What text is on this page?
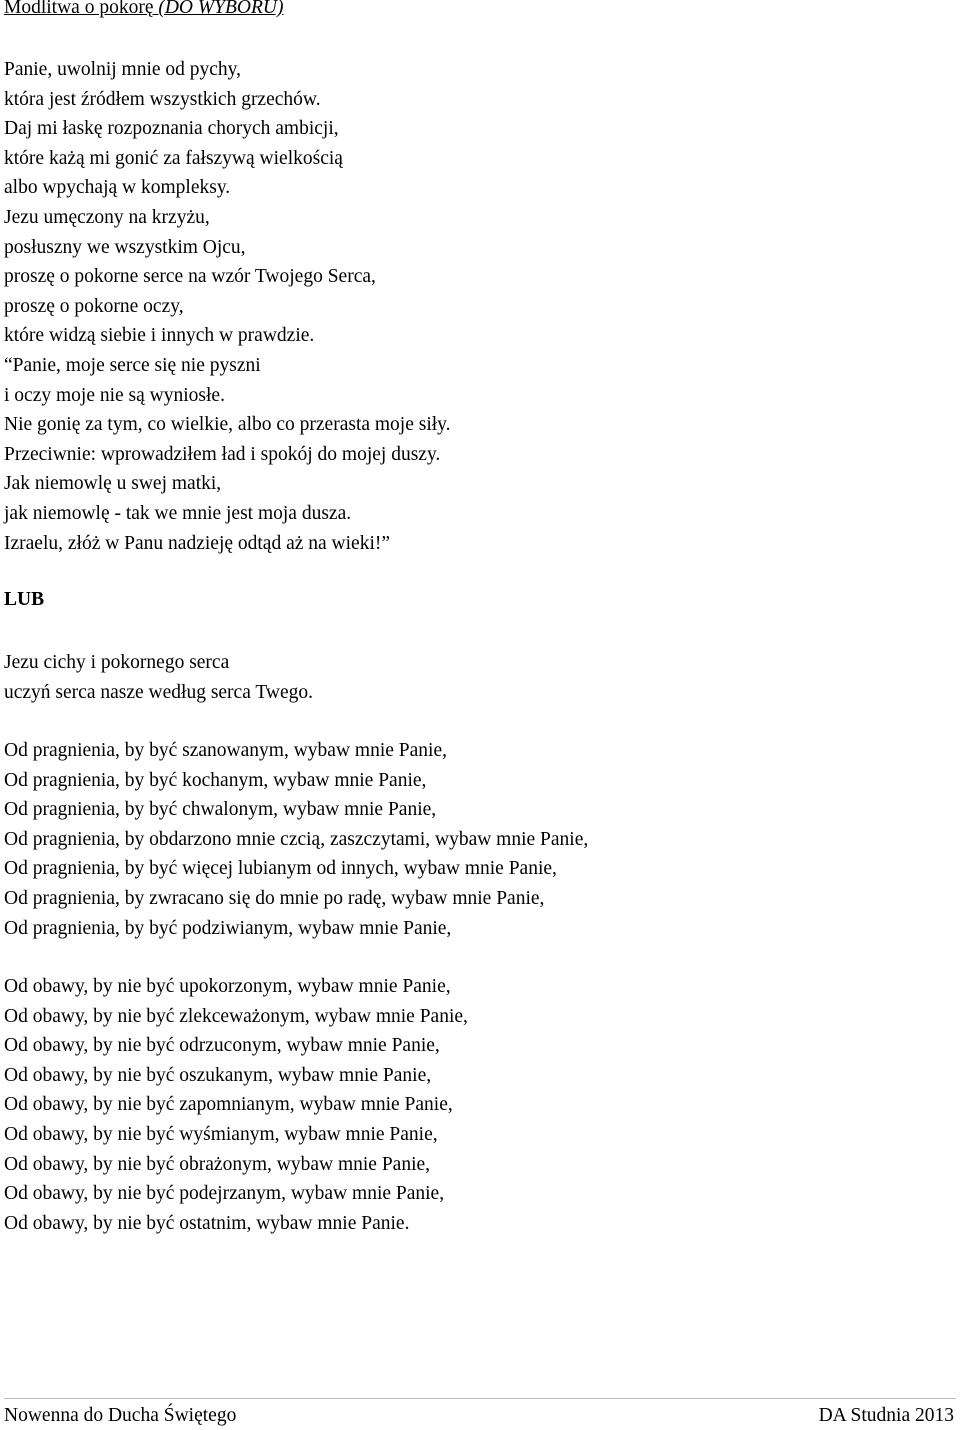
Modlitwa o pokorę (DO WYBORU)
Panie, uwolnij mnie od pychy,
która jest źródłem wszystkich grzechów.
Daj mi łaskę rozpoznania chorych ambicji,
które każą mi gonić za fałszywą wielkością
albo wpychają w kompleksy.
Jezu umęczony na krzyżu,
posłuszny we wszystkim Ojcu,
proszę o pokorne serce na wzór Twojego Serca,
proszę o pokorne oczy,
które widzą siebie i innych w prawdzie.
“Panie, moje serce się nie pyszni
i oczy moje nie są wyniosłe.
Nie gonię za tym, co wielkie, albo co przerasta moje siły.
Przeciwnie: wprowadziłem ład i spokój do mojej duszy.
Jak niemowlę u swej matki,
jak niemowlę - tak we mnie jest moja dusza.
Izraelu, złóż w Panu nadzieję odtąd aż na wieki!”
LUB
Jezu cichy i pokornego serca
uczyń serca nasze według serca Twego.
Od pragnienia, by być szanowanym, wybaw mnie Panie,
Od pragnienia, by być kochanym, wybaw mnie Panie,
Od pragnienia, by być chwalonym, wybaw mnie Panie,
Od pragnienia, by obdarzono mnie czcią, zaszczytami, wybaw mnie Panie,
Od pragnienia, by być więcej lubianym od innych, wybaw mnie Panie,
Od pragnienia, by zwracano się do mnie po radę, wybaw mnie Panie,
Od pragnienia, by być podziwianym, wybaw mnie Panie,
Od obawy, by nie być upokorzonym, wybaw mnie Panie,
Od obawy, by nie być zlekceważonym, wybaw mnie Panie,
Od obawy, by nie być odrzuconym, wybaw mnie Panie,
Od obawy, by nie być oszukanym, wybaw mnie Panie,
Od obawy, by nie być zapomnianym, wybaw mnie Panie,
Od obawy, by nie być wyśmianym, wybaw mnie Panie,
Od obawy, by nie być obrażonym, wybaw mnie Panie,
Od obawy, by nie być podejrzanym, wybaw mnie Panie,
Od obawy, by nie być ostatnim, wybaw mnie Panie.
Nowenna do Ducha Świętego	DA Studnia 2013
